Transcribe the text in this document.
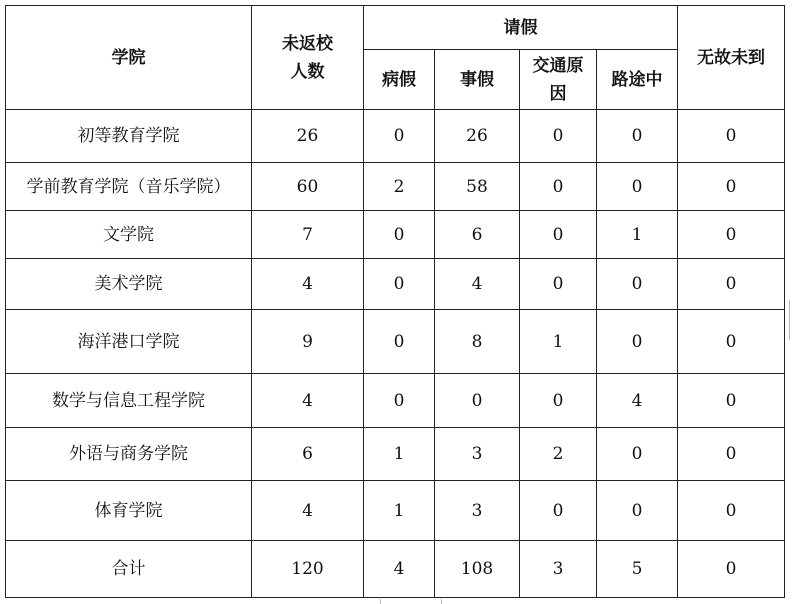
学院	未返校人数	请假				无故未到
		病假	事假	交通原因	路途中	
初等教育学院	26	0	26	0	0	0
学前教育学院（音乐学院）	60	2	58	0	0	0
文学院	7	0	6	0	1	0
美术学院	4	0	4	0	0	0
海洋港口学院	9	0	8	1	0	0
数学与信息工程学院	4	0	0	0	4	0
外语与商务学院	6	1	3	2	0	0
体育学院	4	1	3	0	0	0
合计	120	4	108	3	5	0
